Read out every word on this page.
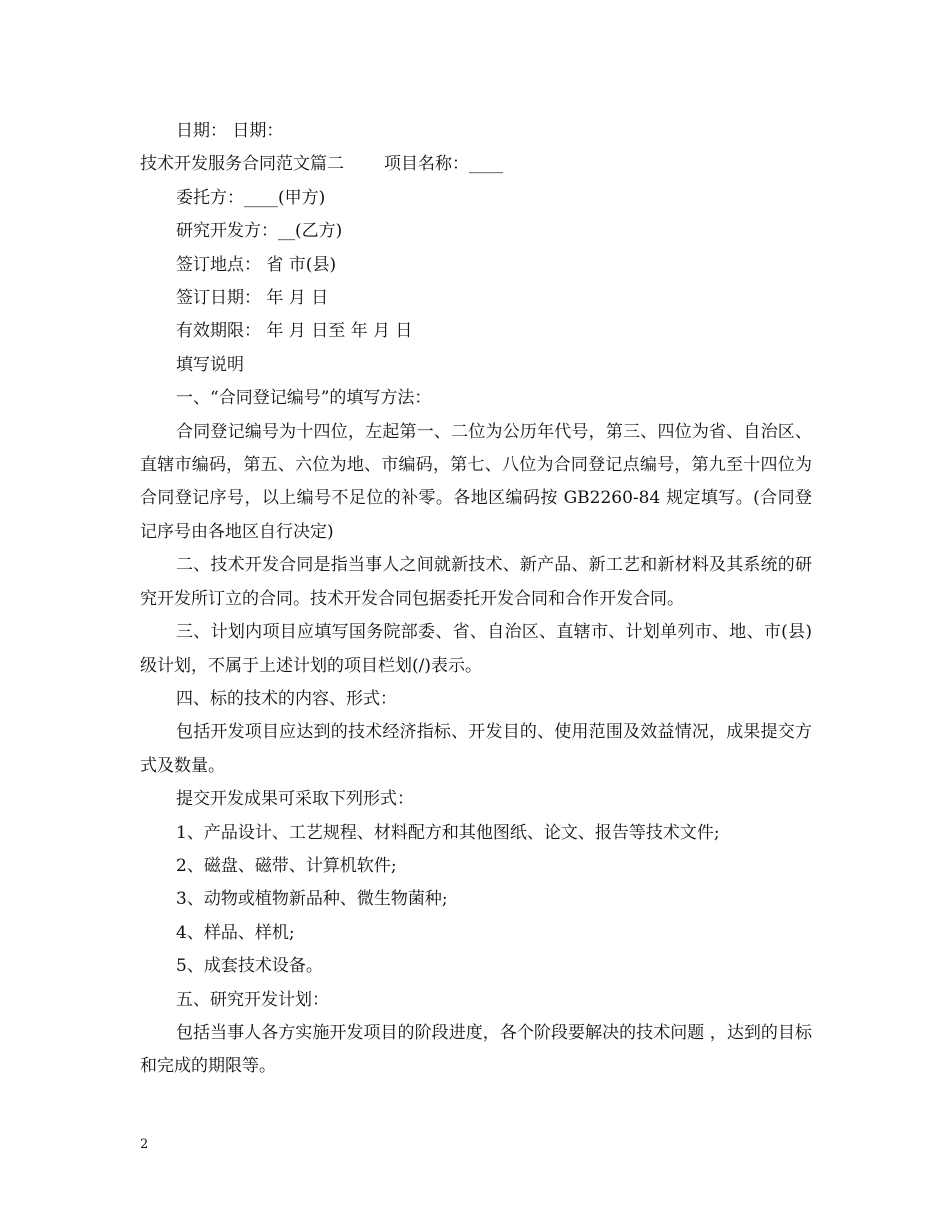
日期： 日期：
技术开发服务合同范文篇二 项目名称：____
委托方：____(甲方)
研究开发方：__(乙方)
签订地点： 省 市(县)
签订日期： 年 月 日
有效期限： 年 月 日至 年 月 日
填写说明
一、“合同登记编号”的填写方法：

合同登记编号为十四位，左起第一、二位为公历年代号，第三、四位为省、自治区、直辖市编码，第五、六位为地、市编码，第七、八位为合同登记点编号，第九至十四位为合同登记序号，以上编号不足位的补零。各地区编码按 GB2260-84 规定填写。(合同登记序号由各地区自行决定)

二、技术开发合同是指当事人之间就新技术、新产品、新工艺和新材料及其系统的研究开发所订立的合同。技术开发合同包据委托开发合同和合作开发合同。

三、计划内项目应填写国务院部委、省、自治区、直辖市、计划单列市、地、市(县)级计划，不属于上述计划的项目栏划(/)表示。

四、标的技术的内容、形式：

包括开发项目应达到的技术经济指标、开发目的、使用范围及效益情况，成果提交方式及数量。

提交开发成果可采取下列形式：
1、产品设计、工艺规程、材料配方和其他图纸、论文、报告等技术文件;
2、磁盘、磁带、计算机软件;
3、动物或植物新品种、微生物菌种;
4、样品、样机;
5、成套技术设备。
五、研究开发计划：

包括当事人各方实施开发项目的阶段进度，各个阶段要解决的技术问题 ，达到的目标和完成的期限等。

2
